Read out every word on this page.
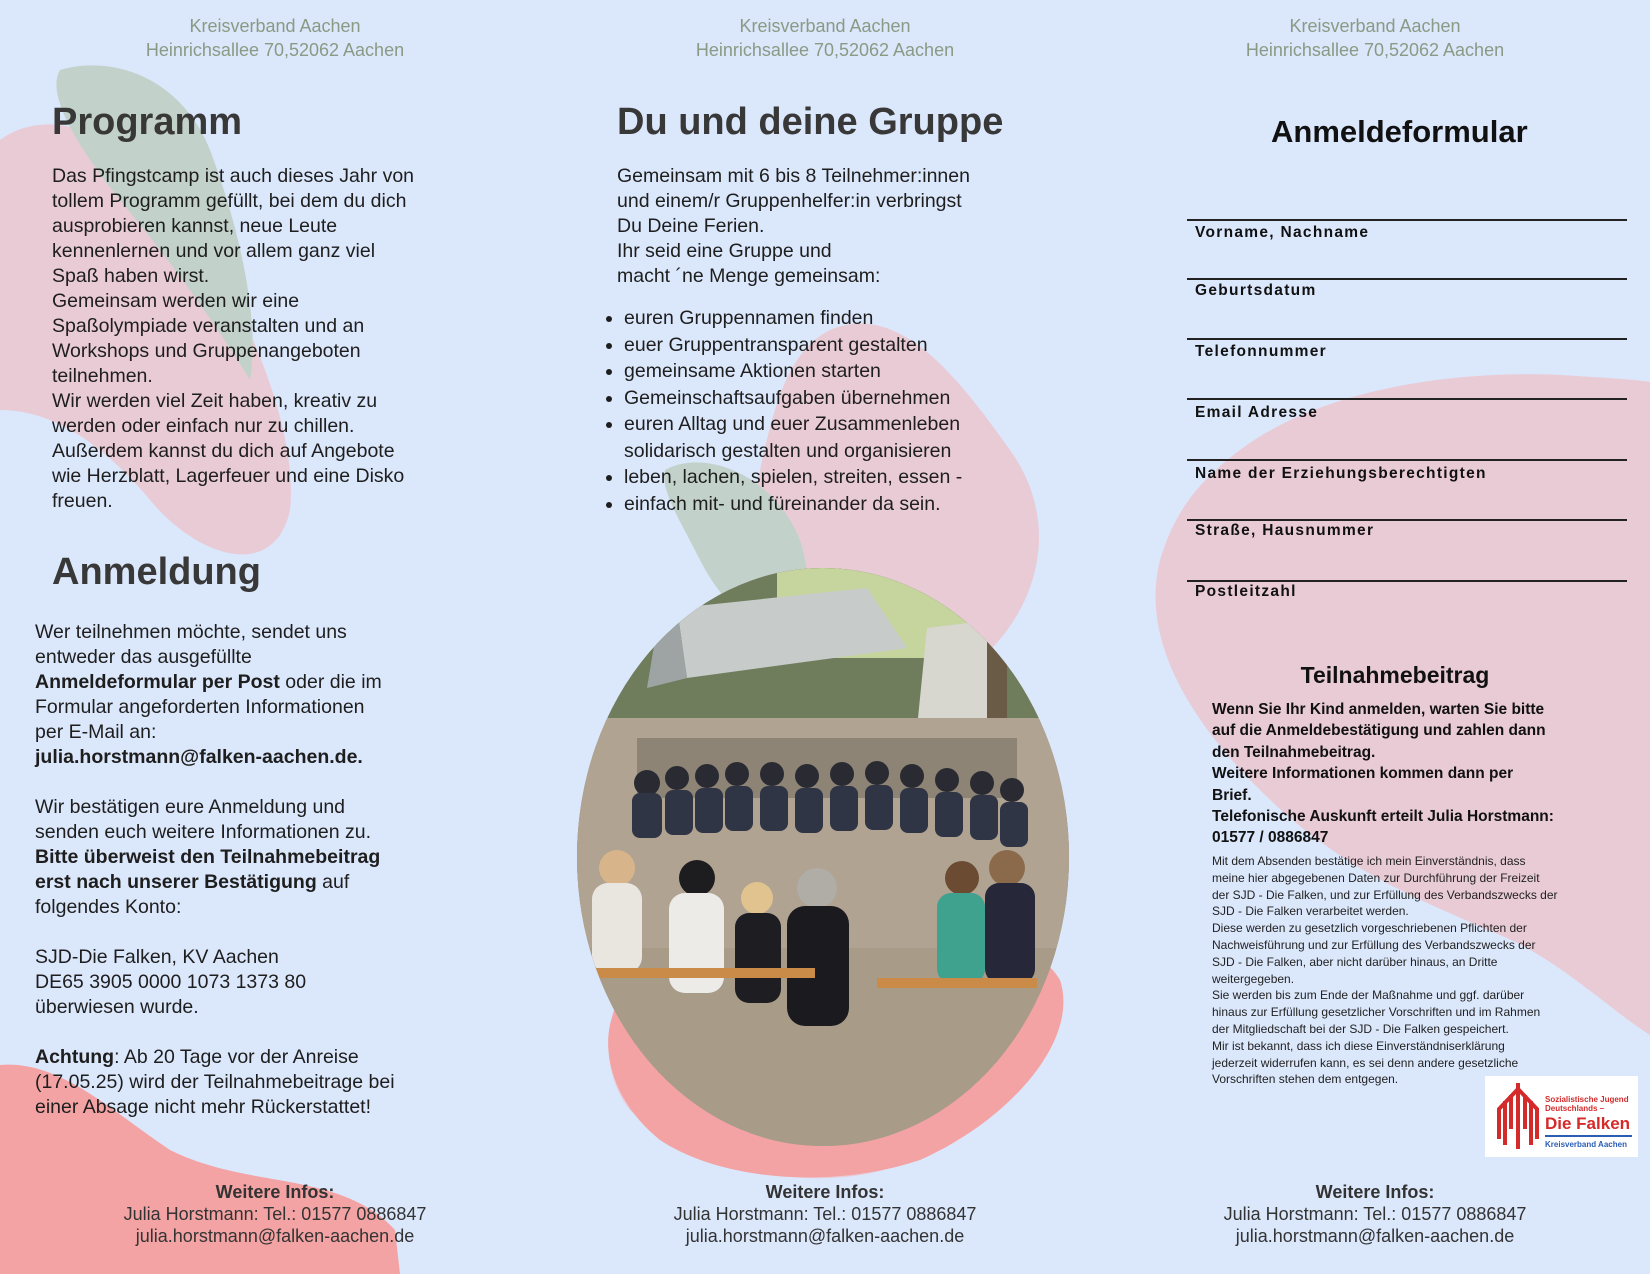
Kreisverband Aachen
Heinrichsallee 70,52062 Aachen
Programm

Das Pfingstcamp ist auch dieses Jahr von

tollem Programm gefüllt, bei dem du dich

ausprobieren kannst, neue Leute

kennenlernen und vor allem ganz viel

Spaß haben wirst.

Gemeinsam werden wir eine

Spaßolympiade veranstalten und an

Workshops und Gruppenangeboten

teilnehmen.

Wir werden viel Zeit haben, kreativ zu

werden oder einfach nur zu chillen.

Außerdem kannst du dich auf Angebote

wie Herzblatt, Lagerfeuer und eine Disko

freuen.

Anmeldung

Wer teilnehmen möchte, sendet uns

entweder das ausgefüllte

Anmeldeformular per Post oder die im

Formular angeforderten Informationen

per E-Mail an:

julia.horstmann@falken-aachen.de.

Wir bestätigen eure Anmeldung und

senden euch weitere Informationen zu.

Bitte überweist den Teilnahmebeitrag

erst nach unserer Bestätigung auf

folgendes Konto:

SJD-Die Falken, KV Aachen

DE65 3905 0000 1073 1373 80

überwiesen wurde.

Achtung: Ab 20 Tage vor der Anreise

(17.05.25) wird der Teilnahmebeitrage bei

einer Absage nicht mehr Rückerstattet!

Weitere Infos:
Julia Horstmann: Tel.: 01577 0886847
julia.horstmann@falken-aachen.de
Kreisverband Aachen
Heinrichsallee 70,52062 Aachen
Du und deine Gruppe

Gemeinsam mit 6 bis 8 Teilnehmer:innen

und einem/r Gruppenhelfer:in verbringst

Du Deine Ferien.

Ihr seid eine Gruppe und

macht ´ne Menge gemeinsam:

• euren Gruppennamen finden
• euer Gruppentransparent gestalten
• gemeinsame Aktionen starten
• Gemeinschaftsaufgaben übernehmen
• euren Alltag und euer Zusammenleben solidarisch gestalten und organisieren
• leben, lachen, spielen, streiten, essen -
• einfach mit- und füreinander da sein.
Weitere Infos:
Julia Horstmann: Tel.: 01577 0886847
julia.horstmann@falken-aachen.de
Kreisverband Aachen
Heinrichsallee 70,52062 Aachen
Weitere Infos:
Julia Horstmann: Tel.: 01577 0886847
julia.horstmann@falken-aachen.de
Anmeldeformular
Vorname, Nachname
Geburtsdatum
Telefonnummer
Email Adresse
Name der Erziehungsberechtigten
Straße, Hausnummer
Postleitzahl
Teilnahmebeitrag

Wenn Sie Ihr Kind anmelden, warten Sie bitte

auf die Anmeldebestätigung und zahlen dann

den Teilnahmebeitrag.

Weitere Informationen kommen dann per

Brief.

Telefonische Auskunft erteilt Julia Horstmann:

01577 / 0886847

Mit dem Absenden bestätige ich mein Einverständnis, dass

meine hier abgegebenen Daten zur Durchführung der Freizeit

der SJD - Die Falken, und zur Erfüllung des Verbandszwecks der

SJD - Die Falken verarbeitet werden.

Diese werden zu gesetzlich vorgeschriebenen Pflichten der

Nachweisführung und zur Erfüllung des Verbandszwecks der

SJD - Die Falken, aber nicht darüber hinaus, an Dritte

weitergegeben.

Sie werden bis zum Ende der Maßnahme und ggf. darüber

hinaus zur Erfüllung gesetzlicher Vorschriften und im Rahmen

der Mitgliedschaft bei der SJD - Die Falken gespeichert.

Mir ist bekannt, dass ich diese Einverständniserklärung

jederzeit widerrufen kann, es sei denn andere gesetzliche

Vorschriften stehen dem entgegen.

Sozialistische Jugend
Deutschlands –
Die Falken
Kreisverband Aachen
